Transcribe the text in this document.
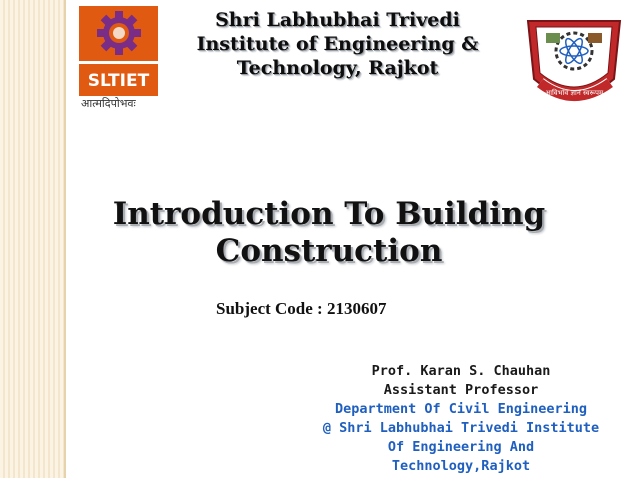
SLTIET
आत्मदिपोभवः
Shri Labhubhai Trivedi
Institute of Engineering &
Technology, Rajkot
आविर्भाव ज्ञान स्वरूपम्
Introduction To Building
Construction
Subject Code : 2130607
Prof. Karan S. Chauhan
Assistant Professor
Department Of Civil Engineering
@ Shri Labhubhai Trivedi Institute
Of Engineering And
Technology,Rajkot
